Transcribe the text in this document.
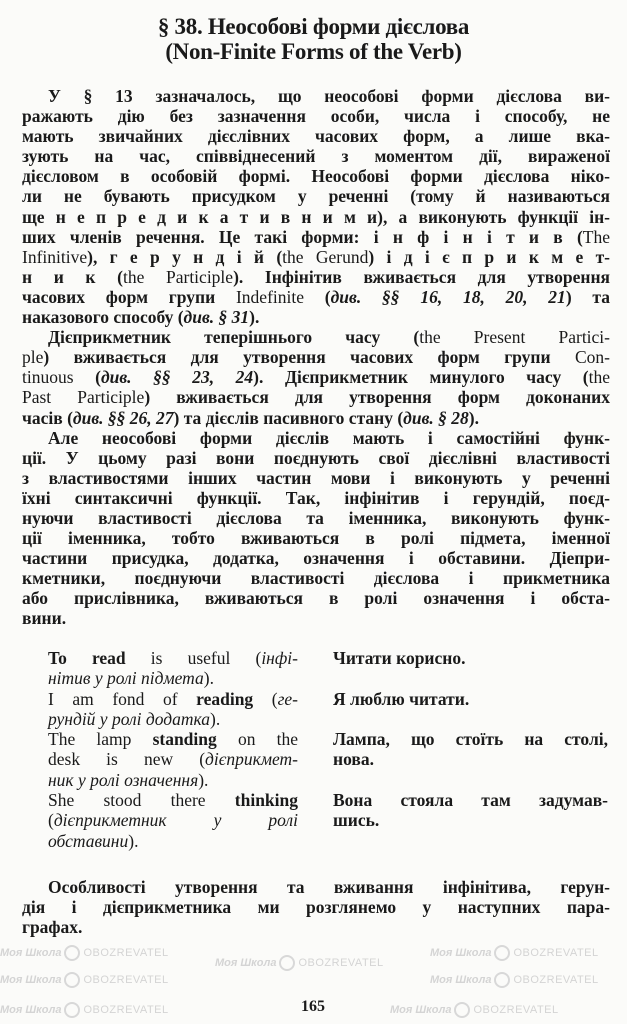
Моя Школа OBOZREVATEL
Моя Школа OBOZREVATEL
Моя Школа OBOZREVATEL
Моя Школа OBOZREVATEL	Моя Школа OBOZREVATEL
Моя Школа OBOZREVATEL	Моя Школа OBOZREVATEL
§ 38. Неособові форми дієслова
(Non-Finite Forms of the Verb)
У § 13 зазначалось, що неособові форми дієслова ви-
ражають дію без зазначення особи, числа і способу, не
мають звичайних дієслівних часових форм, а лише вка-
зують на час, співвіднесений з моментом дії, вираженої
дієсловом в особовій формі. Неособові форми дієслова ніко-
ли не бувають присудком у реченні (тому й називаються
ще н е п р е д и к а т и в н и м и), а виконують функції ін-
ших членів речення. Це такі форми: і н ф і н і т и в (The
Infinitive), г е р у н д і й (the Gerund) і д і є п р и к м е т-
н и к (the Participle). Інфінітив вживається для утворення
часових форм групи Indefinite (див. §§ 16, 18, 20, 21) та
наказового способу (див. § 31).
Дієприкметник теперішнього часу (the Present Partici-
ple) вживається для утворення часових форм групи Con-
tinuous (див. §§ 23, 24). Дієприкметник минулого часу (the
Past Participle) вживається для утворення форм доконаних
часів (див. §§ 26, 27) та дієслів пасивного стану (див. § 28).
Але неособові форми дієслів мають і самостійні функ-
ції. У цьому разі вони поєднують свої дієслівні властивості
з властивостями інших частин мови і виконують у реченні
їхні синтаксичні функції. Так, інфінітив і герундій, поєд-
нуючи властивості дієслова та іменника, виконують функ-
ції іменника, тобто вживаються в ролі підмета, іменної
частини присудка, додатка, означення і обставини. Діепри-
кметники, поєднуючи властивості дієслова і прикметника
або прислівника, вживаються в ролі означення і обста-
вини.
To read is useful (інфі-
нітив у ролі підмета).
I am fond of reading (ге-
рундій у ролі додатка).
The lamp standing on the
desk is new (дієприкмет-
ник у ролі означення).
She stood there thinking
(дієприкметник у ролі
обставини).
Читати корисно.
Я люблю читати.
Лампа, що стоїть на столі,
нова.
Вона стояла там задумав-
шись.
Особливості утворення та вживання інфінітива, герун-
дія і дієприкметника ми розглянемо у наступних пара-
графах.
165
